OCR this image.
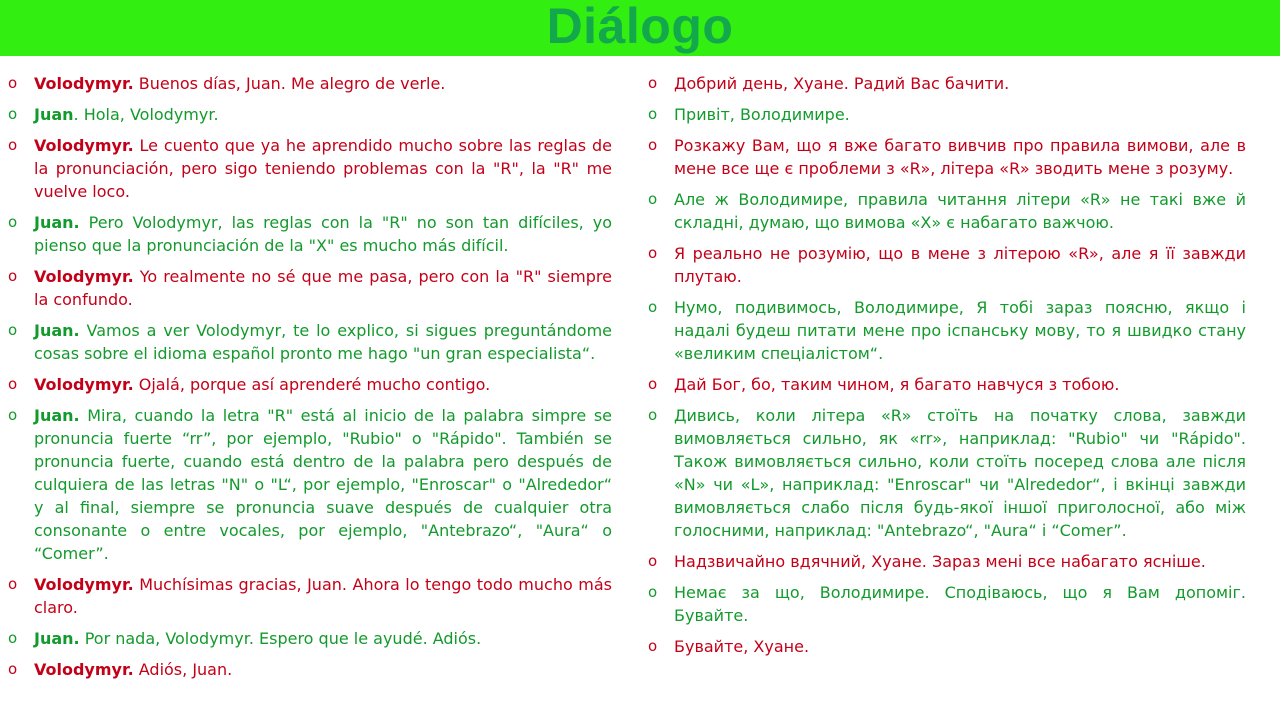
Diálogo
o	Volodymyr. Buenos días, Juan. Me alegro de verle.
o	Juan. Hola, Volodymyr.
o	Volodymyr. Le cuento que ya he aprendido mucho sobre las reglas de la pronunciación, pero sigo teniendo problemas con la "R", la "R" me vuelve loco.
o	Juan. Pero Volodymyr, las reglas con la "R" no son tan difíciles, yo pienso que la pronunciación de la "X" es mucho más difícil.
o	Volodymyr. Yo realmente no sé que me pasa, pero con la "R" siempre la confundo.
o	Juan. Vamos a ver Volodymyr, te lo explico, si sigues preguntándome cosas sobre el idioma español pronto me hago "un gran especialista“.
o	Volodymyr. Ojalá, porque así aprenderé mucho contigo.
o	Juan. Mira, cuando la letra "R" está al inicio de la palabra simpre se pronuncia fuerte “rr”, por ejemplo, "Rubio" o "Rápido". También se pronuncia fuerte, cuando está dentro de la palabra pero después de culquiera de las letras "N" o "L“, por ejemplo, "Enroscar" o "Alrededor“ y al final, siempre se pronuncia suave después de cualquier otra consonante o entre vocales, por ejemplo, "Antebrazo“, "Aura“ o “Comer”.
o	Volodymyr. Muchísimas gracias, Juan. Ahora lo tengo todo mucho más claro.
o	Juan. Por nada, Volodymyr. Espero que le ayudé. Adiós.
o	Volodymyr. Adiós, Juan.
o	Добрий день, Хуане. Радий Вас бачити.
o	Привіт, Володимире.
o	Розкажу Вам, що я вже багато вивчив про правила вимови, але в мене все ще є проблеми з «R», літера «R» зводить мене з розуму.
o	Але ж Володимире, правила читання літери «R» не такі вже й складні, думаю, що вимова «X» є набагато важчою.
o	Я реально не розумію, що в мене з літерою «R», але я її завжди плутаю.
o	Нумо, подивимось, Володимире, Я тобі зараз поясню, якщо і надалі будеш питати мене про іспанську мову, то я швидко стану «великим спеціалістом“.
o	Дай Бог, бо, таким чином, я багато навчуся з тобою.
o	Дивись, коли літера «R» стоїть на початку слова, завжди вимовляється сильно, як «rr», наприклад: "Rubio" чи "Rápido". Також вимовляється сильно, коли стоїть посеред слова але після «N» чи «L», наприклад: "Enroscar" чи "Alrededor“, і вкінці завжди вимовляється слабо після будь-якої іншої приголосної, або між голосними, наприклад: "Antebrazo“, "Aura“ і “Comer”.
o	Надзвичайно вдячний, Хуане. Зараз мені все набагато ясніше.
o	Немає за що, Володимире. Сподіваюсь, що я Вам допоміг. Бувайте.
o	Бувайте, Хуане.
